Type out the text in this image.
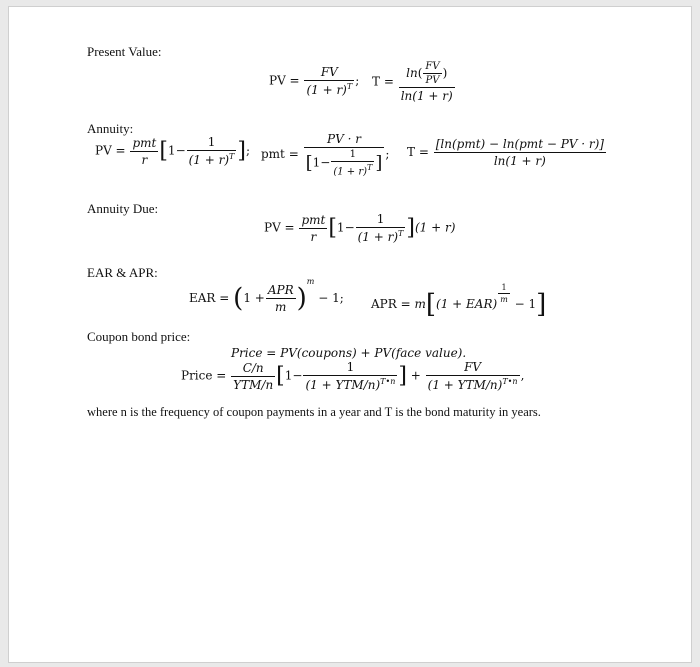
Present Value:
PV = $\frac{FV}{(1 + r)^T}$ ; $T = \frac{\ln( \frac{FV}{PV} )}{\ln(1 + r)}$
Annuity:
PV = $\frac{\text{pmt}}{r} [1- \frac{1}{(1 + r)^T}$ ]; pmt = $\frac{PV \cdot r}{[1- \frac{1}{(1 + r)^T} ]}$ ; $T = \frac{\text{[ln(pmt) − ln(pmt − PV · r)]}}{\ln(1 + r)}$
Annuity Due:
PV = $\frac{\text{pmt}}{r} [1- \frac{1}{(1 + r)^T} ](1 + r)$
EAR & APR:
EAR = $(1 + \frac{\text{APR}}{m} )^m - 1$; APR = $m[(1 + EAR) \frac{1}{m} - 1]$
Coupon bond price:
Price = PV(coupons) + PV(face value).
Price = $\frac{C/n}{\text{YTM/n}} [1- \frac{1}{(1 + YTM/n)^{T•n}}$ ] + $\frac{FV}{(1 + YTM/n)^{T•n}}$ ,
where n is the frequency of coupon payments in a year and T is the bond maturity in years.
